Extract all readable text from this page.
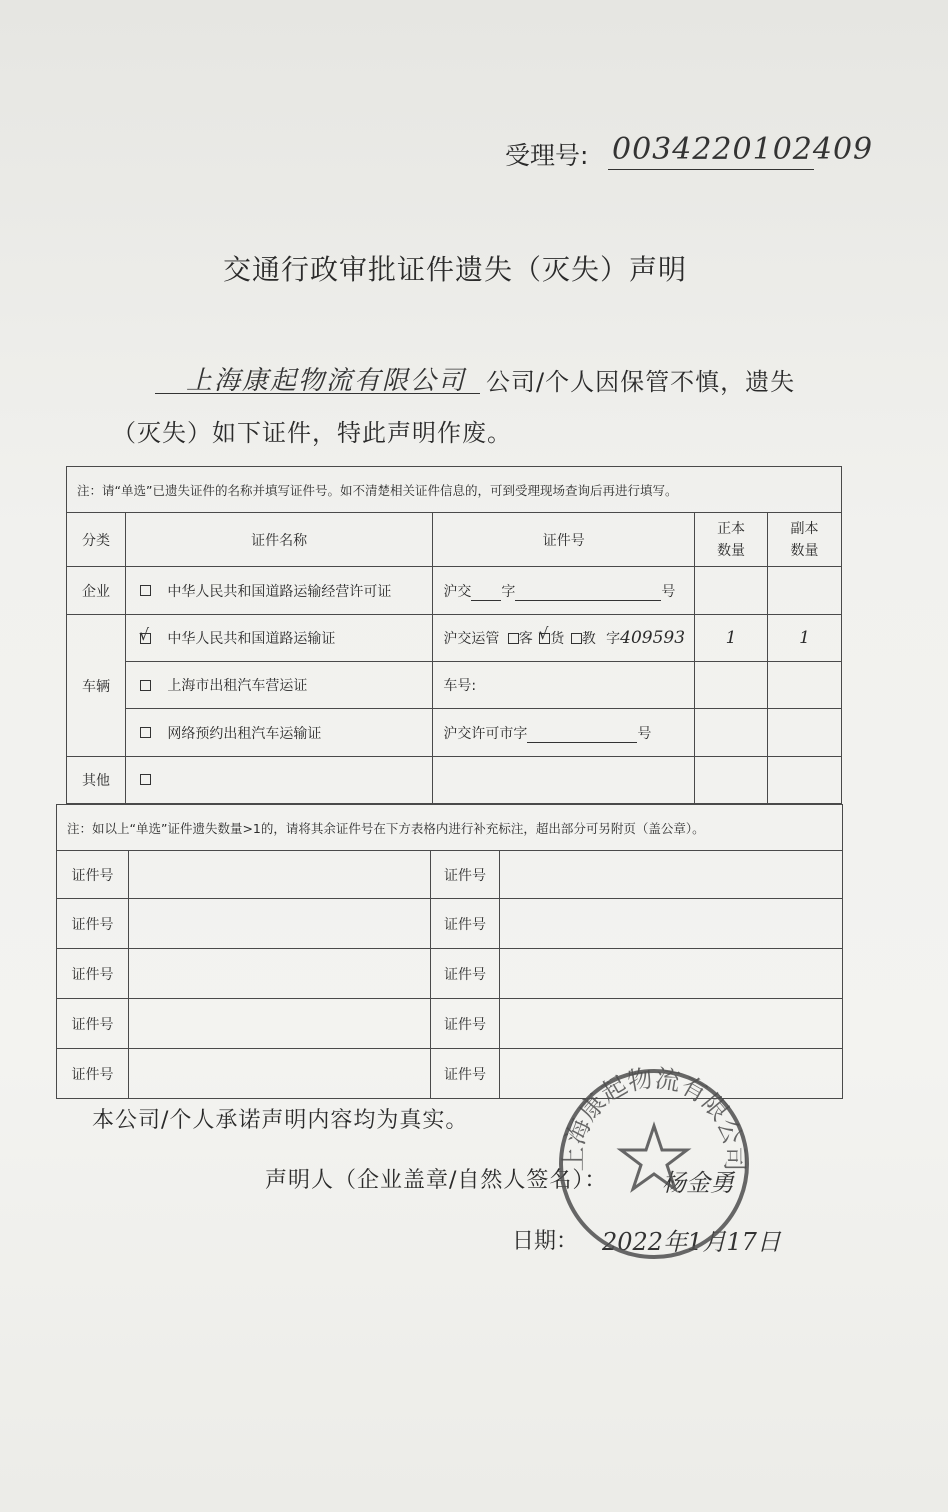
受理号: 0034220102409
交通行政审批证件遗失（灭失）声明
上海康起物流有限公司 公司/个人因保管不慎，遗失
（灭失）如下证件，特此声明作废。
注：请“单选”已遗失证件的名称并填写证件号。如不清楚相关证件信息的，可到受理现场查询后再进行填写。				
分类	证件名称	证件号	正本数量	副本数量
企业	中华人民共和国道路运输经营许可证	沪交 字 号		
车辆	√ 中华人民共和国道路运输证	沪交运管 客 √ 货 教 字409593	1	1
	上海市出租汽车营运证	车号:		
	网络预约出租汽车运输证	沪交许可市字 号		
其他				
注：如以上“单选”证件遗失数量>1的，请将其余证件号在下方表格内进行补充标注，超出部分可另附页（盖公章）。			
证件号		证件号	
证件号		证件号	
证件号		证件号	
证件号		证件号	
证件号		证件号	
本公司/个人承诺声明内容均为真实。
声明人（企业盖章/自然人签名）： 杨金勇
日期： 2022年1月17日
上海康起物流有限公司
